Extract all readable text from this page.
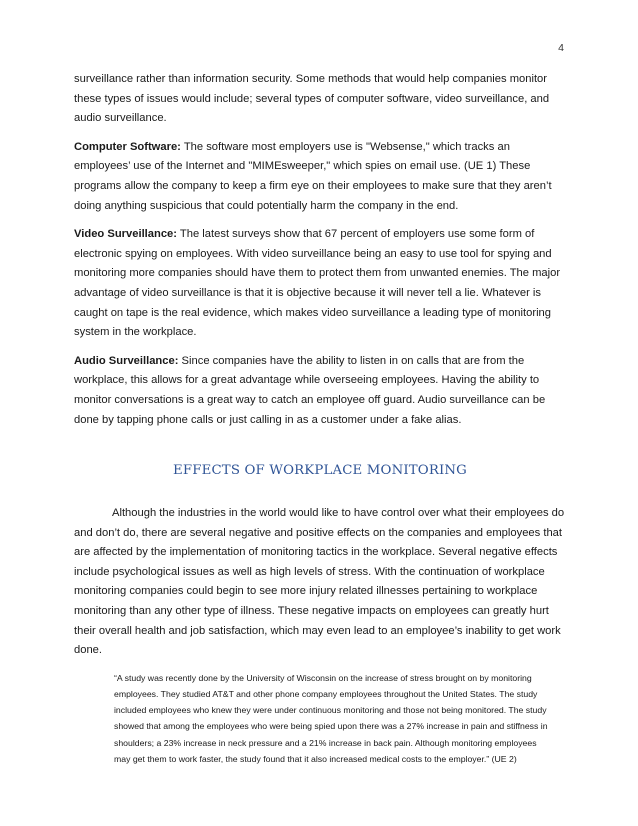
4

surveillance rather than information security. Some methods that would help companies monitor these types of issues would include; several types of computer software, video surveillance, and audio surveillance.

Computer Software: The software most employers use is "Websense," which tracks an employees’ use of the Internet and "MIMEsweeper," which spies on email use. (UE 1) These programs allow the company to keep a firm eye on their employees to make sure that they aren’t doing anything suspicious that could potentially harm the company in the end.

Video Surveillance: The latest surveys show that 67 percent of employers use some form of electronic spying on employees. With video surveillance being an easy to use tool for spying and monitoring more companies should have them to protect them from unwanted enemies. The major advantage of video surveillance is that it is objective because it will never tell a lie. Whatever is caught on tape is the real evidence, which makes video surveillance a leading type of monitoring system in the workplace.

Audio Surveillance: Since companies have the ability to listen in on calls that are from the workplace, this allows for a great advantage while overseeing employees. Having the ability to monitor conversations is a great way to catch an employee off guard. Audio surveillance can be done by tapping phone calls or just calling in as a customer under a fake alias.

EFFECTS OF WORKPLACE MONITORING

Although the industries in the world would like to have control over what their employees do and don’t do, there are several negative and positive effects on the companies and employees that are affected by the implementation of monitoring tactics in the workplace. Several negative effects include psychological issues as well as high levels of stress. With the continuation of workplace monitoring companies could begin to see more injury related illnesses pertaining to workplace monitoring than any other type of illness. These negative impacts on employees can greatly hurt their overall health and job satisfaction, which may even lead to an employee’s inability to get work done.

“A study was recently done by the University of Wisconsin on the increase of stress brought on by monitoring employees. They studied AT&T and other phone company employees throughout the United States. The study included employees who knew they were under continuous monitoring and those not being monitored. The study showed that among the employees who were being spied upon there was a 27% increase in pain and stiffness in shoulders; a 23% increase in neck pressure and a 21% increase in back pain. Although monitoring employees may get them to work faster, the study found that it also increased medical costs to the employer.” (UE 2)
